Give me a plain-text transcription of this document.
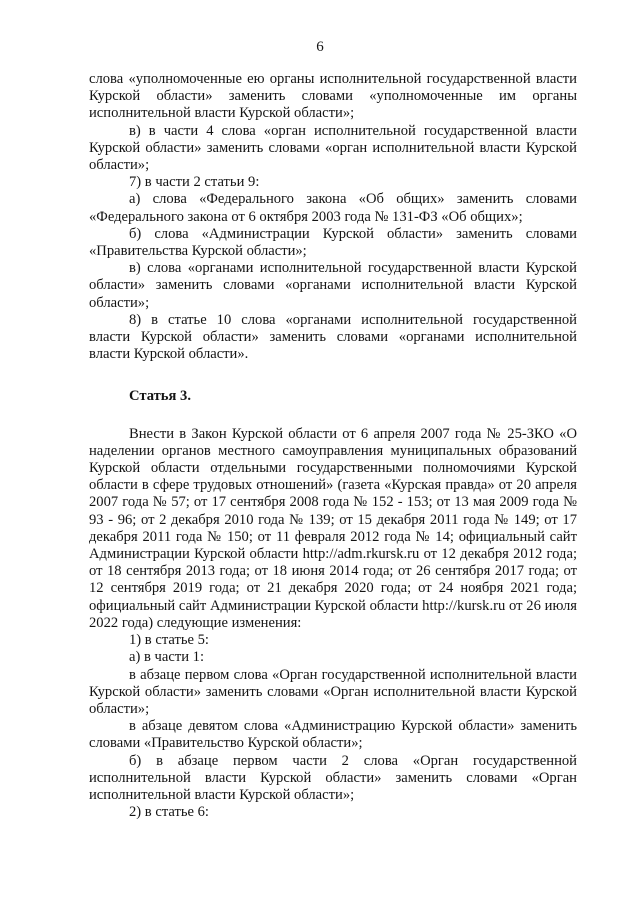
6

слова «уполномоченные ею органы исполнительной государственной власти Курской области» заменить словами «уполномоченные им органы исполнительной власти Курской области»;

в) в части 4 слова «орган исполнительной государственной власти Курской области» заменить словами «орган исполнительной власти Курской области»;

7) в части 2 статьи 9:

а) слова «Федерального закона «Об общих» заменить словами «Федерального закона от 6 октября 2003 года № 131-ФЗ «Об общих»;

б) слова «Администрации Курской области» заменить словами «Правительства Курской области»;

в) слова «органами исполнительной государственной власти Курской области» заменить словами «органами исполнительной власти Курской области»;

8) в статье 10 слова «органами исполнительной государственной власти Курской области» заменить словами «органами исполнительной власти Курской области».

Статья 3.

Внести в Закон Курской области от 6 апреля 2007 года № 25-ЗКО «О наделении органов местного самоуправления муниципальных образований Курской области отдельными государственными полномочиями Курской области в сфере трудовых отношений» (газета «Курская правда» от 20 апреля 2007 года № 57; от 17 сентября 2008 года № 152 - 153; от 13 мая 2009 года № 93 - 96; от 2 декабря 2010 года № 139; от 15 декабря 2011 года № 149; от 17 декабря 2011 года № 150; от 11 февраля 2012 года № 14; официальный сайт Администрации Курской области http://adm.rkursk.ru от 12 декабря 2012 года; от 18 сентября 2013 года; от 18 июня 2014 года; от 26 сентября 2017 года; от 12 сентября 2019 года; от 21 декабря 2020 года; от 24 ноября 2021 года; официальный сайт Администрации Курской области http://kursk.ru от 26 июля 2022 года) следующие изменения:

1) в статье 5:

а) в части 1:

в абзаце первом слова «Орган государственной исполнительной власти Курской области» заменить словами «Орган исполнительной власти Курской области»;

в абзаце девятом слова «Администрацию Курской области» заменить словами «Правительство Курской области»;

б) в абзаце первом части 2 слова «Орган государственной исполнительной власти Курской области» заменить словами «Орган исполнительной власти Курской области»;

2) в статье 6:
